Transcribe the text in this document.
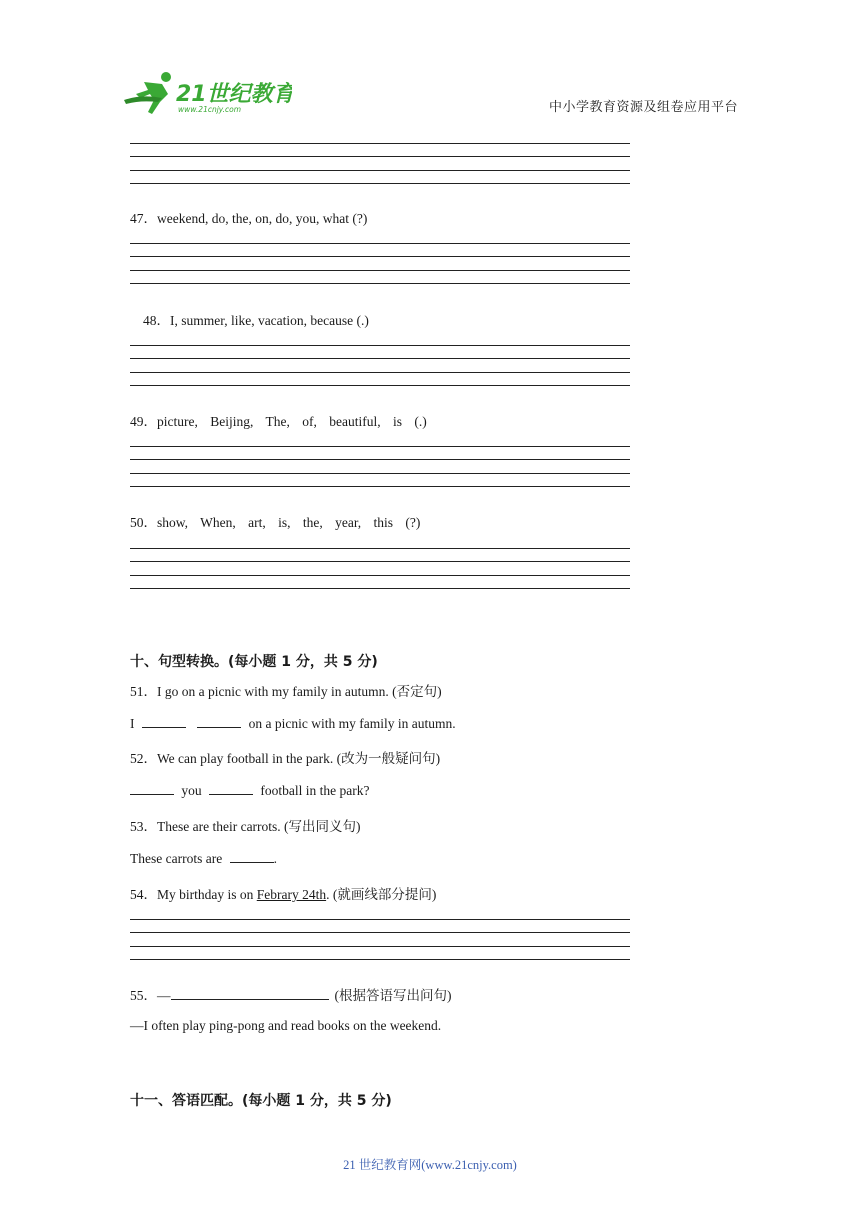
21世纪教育
www.21cnjy.com	中小学教育资源及组卷应用平台
47．weekend, do, the, on, do, you, what (?)
48．I, summer, like, vacation, because (.)
49．picture, Beijing, The, of, beautiful, is (.)
50．show, When, art, is, the, year, this (?)
十、句型转换。(每小题 1 分，共 5 分)
51．I go on a picnic with my family in autumn. (否定句)
I	on a picnic with my family in autumn.
52．We can play football in the park. (改为一般疑问句)
you	football in the park?
53．These are their carrots. (写出同义句)
These carrots are	.
54．My birthday is on Febrary 24th. (就画线部分提问)
55．—	(根据答语写出问句)
—I often play ping-pong and read books on the weekend.
十一、答语匹配。(每小题 1 分，共 5 分)
21 世纪教育网(www.21cnjy.com)
